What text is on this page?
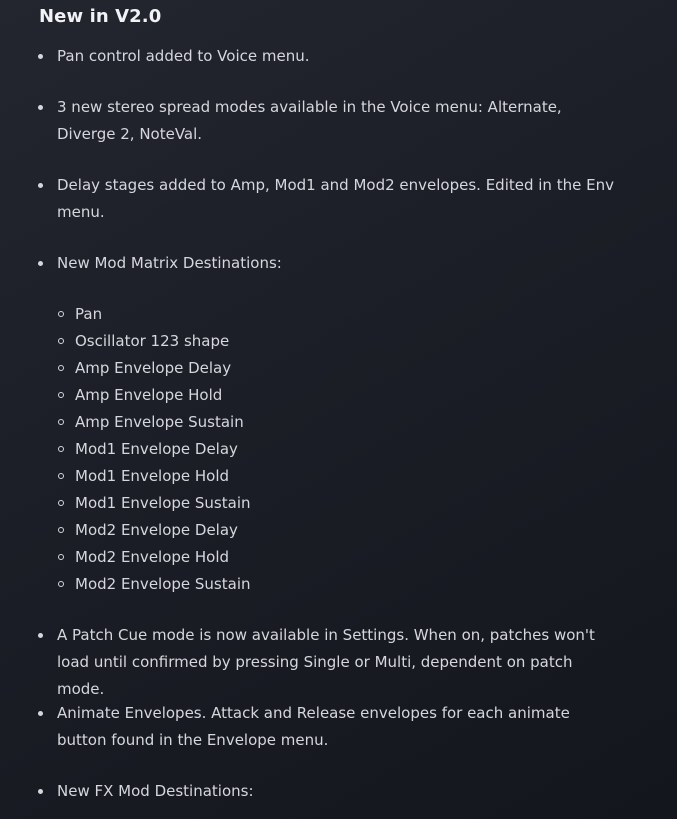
New in V2.0
Pan control added to Voice menu.
3 new stereo spread modes available in the Voice menu: Alternate, Diverge 2, NoteVal.
Delay stages added to Amp, Mod1 and Mod2 envelopes. Edited in the Env menu.
New Mod Matrix Destinations:
Pan
Oscillator 123 shape
Amp Envelope Delay
Amp Envelope Hold
Amp Envelope Sustain
Mod1 Envelope Delay
Mod1 Envelope Hold
Mod1 Envelope Sustain
Mod2 Envelope Delay
Mod2 Envelope Hold
Mod2 Envelope Sustain
A Patch Cue mode is now available in Settings. When on, patches won't load until confirmed by pressing Single or Multi, dependent on patch mode.
Animate Envelopes. Attack and Release envelopes for each animate button found in the Envelope menu.
New FX Mod Destinations:
